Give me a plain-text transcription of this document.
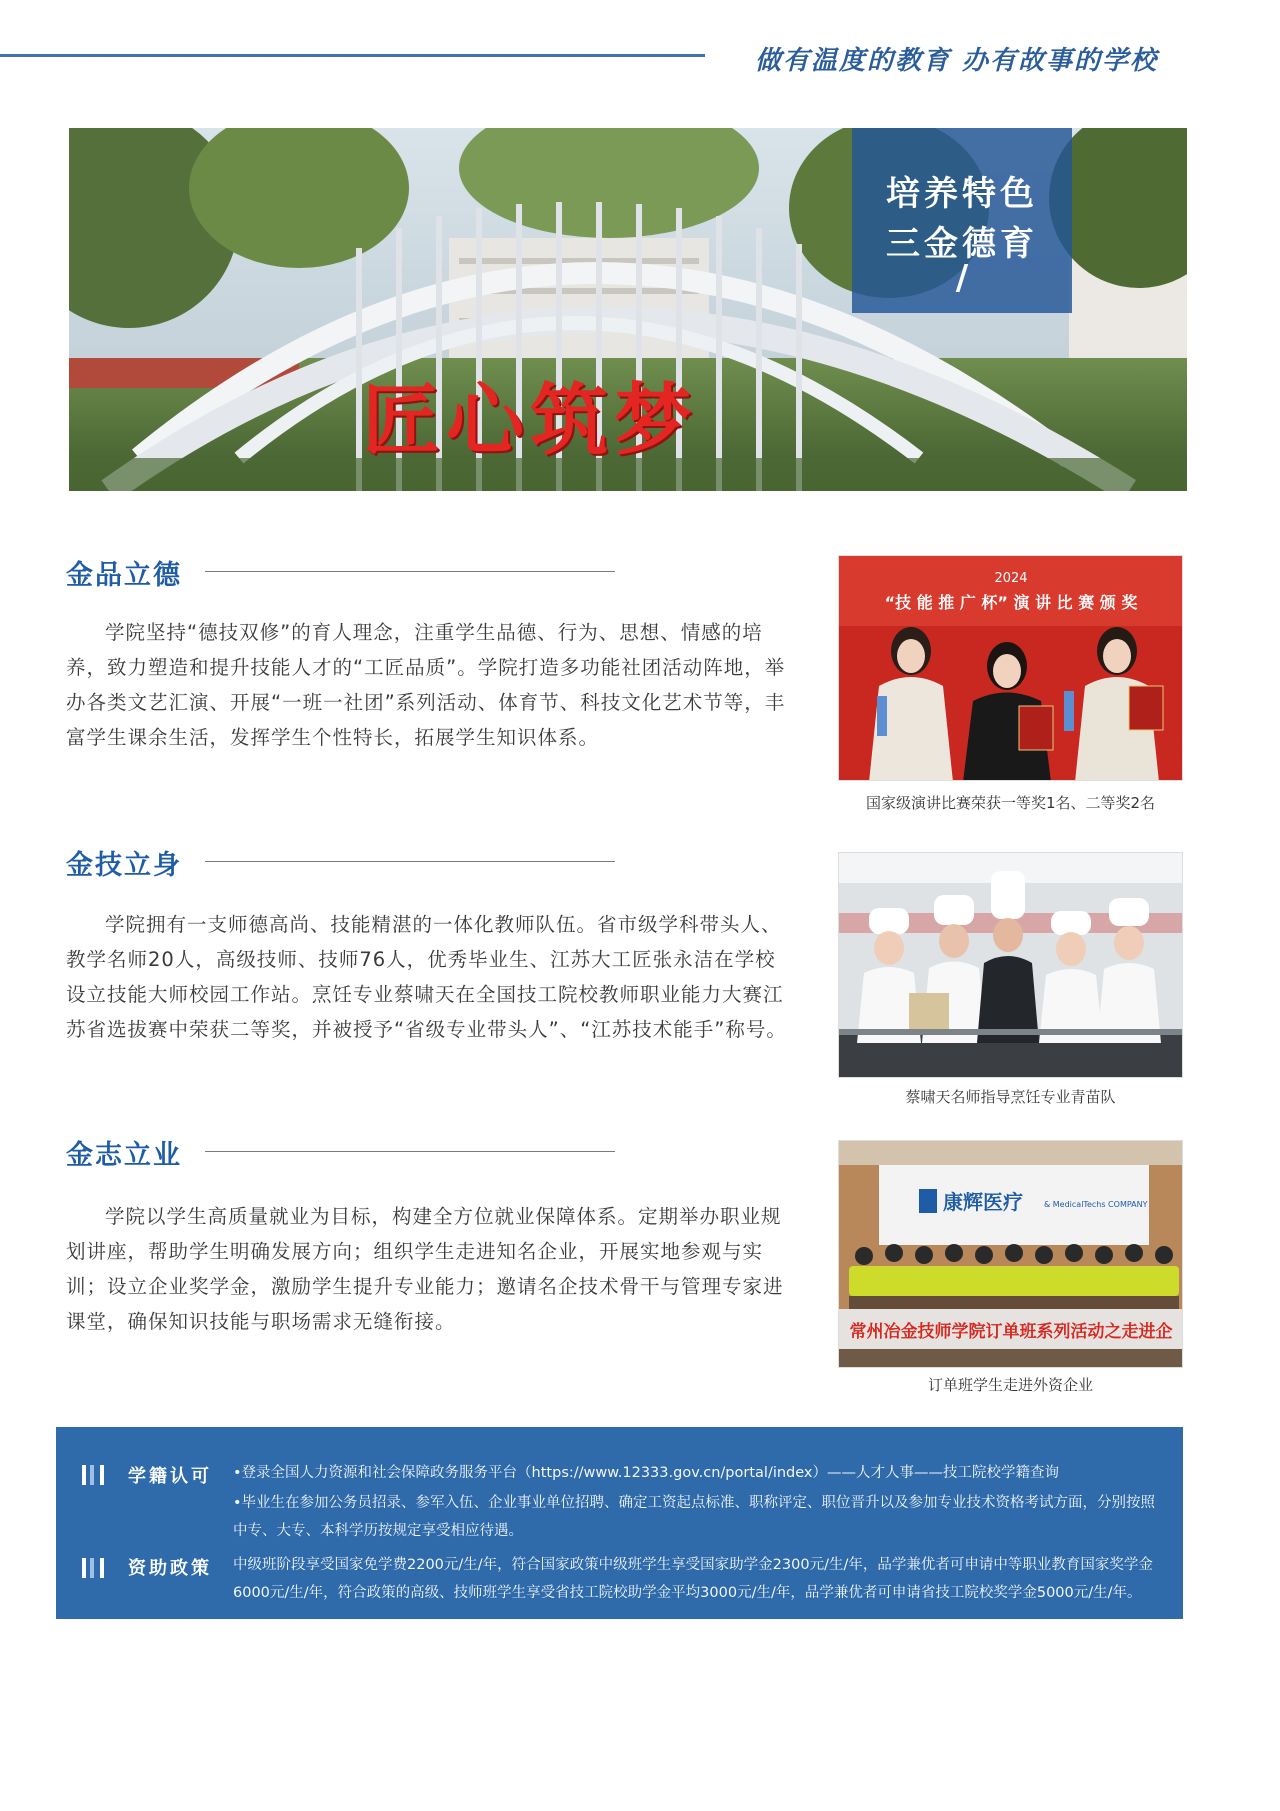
做有温度的教育 办有故事的学校
培养特色
三金德育
/
匠心筑梦
金品立德
学院坚持“德技双修”的育人理念，注重学生品德、行为、思想、情感的培养，致力塑造和提升技能人才的“工匠品质”。学院打造多功能社团活动阵地，举办各类文艺汇演、开展“一班一社团”系列活动、体育节、科技文化艺术节等，丰富学生课余生活，发挥学生个性特长，拓展学生知识体系。
2024
“技 能 推 广 杯” 演 讲 比 赛 颁 奖
国家级演讲比赛荣获一等奖1名、二等奖2名
金技立身
学院拥有一支师德高尚、技能精湛的一体化教师队伍。省市级学科带头人、教学名师20人，高级技师、技师76人，优秀毕业生、江苏大工匠张永洁在学校设立技能大师校园工作站。烹饪专业蔡啸天在全国技工院校教师职业能力大赛江苏省选拔赛中荣获二等奖，并被授予“省级专业带头人”、“江苏技术能手”称号。
蔡啸天名师指导烹饪专业青苗队
金志立业
学院以学生高质量就业为目标，构建全方位就业保障体系。定期举办职业规划讲座，帮助学生明确发展方向；组织学生走进知名企业，开展实地参观与实训；设立企业奖学金，激励学生提升专业能力；邀请名企技术骨干与管理专家进课堂，确保知识技能与职场需求无缝衔接。
康辉医疗	& MedicalTechs COMPANY
常州冶金技师学院订单班系列活动之走进企
订单班学生走进外资企业
学籍认可 •登录全国人力资源和社会保障政务服务平台（https://www.12333.gov.cn/portal/index）——人才人事——技工院校学籍查询
•毕业生在参加公务员招录、参军入伍、企业事业单位招聘、确定工资起点标准、职称评定、职位晋升以及参加专业技术资格考试方面，分别按照中专、大专、本科学历按规定享受相应待遇。
资助政策 中级班阶段享受国家免学费2200元/生/年，符合国家政策中级班学生享受国家助学金2300元/生/年，品学兼优者可申请中等职业教育国家奖学金6000元/生/年，符合政策的高级、技师班学生享受省技工院校助学金平均3000元/生/年，品学兼优者可申请省技工院校奖学金5000元/生/年。
